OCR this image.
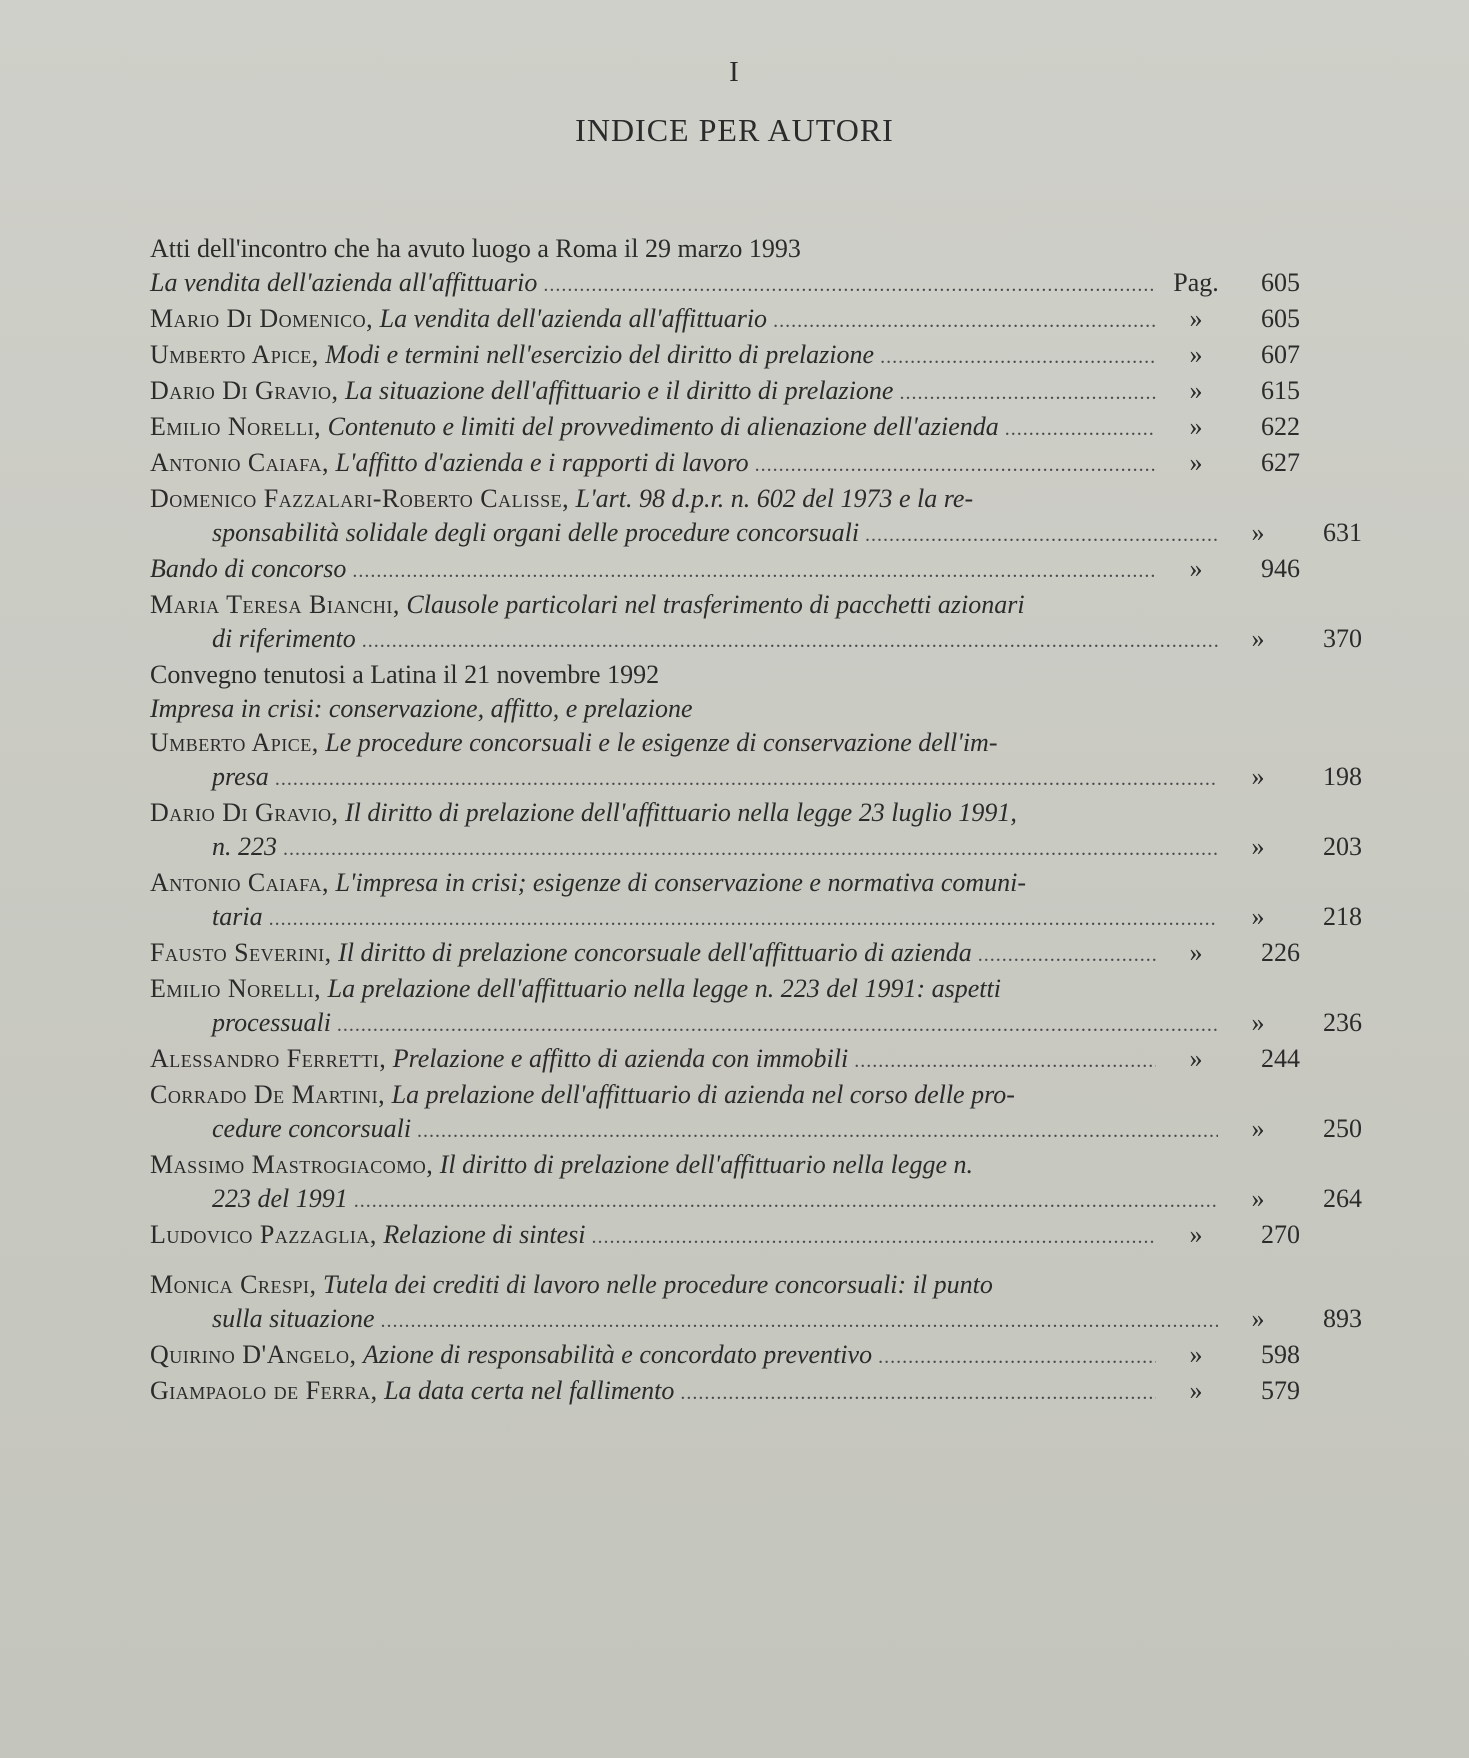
I
INDICE PER AUTORI
Atti dell'incontro che ha avuto luogo a Roma il 29 marzo 1993
La vendita dell'azienda all'affittuario .....	Pag.	605
Mario Di Domenico, La vendita dell'azienda all'affittuario .....	»	605
Umberto Apice, Modi e termini nell'esercizio del diritto di prelazione .....	»	607
Dario Di Gravio, La situazione dell'affittuario e il diritto di prelazione .....	»	615
Emilio Norelli, Contenuto e limiti del provvedimento di alienazione dell'azienda .....	»	622
Antonio Caiafa, L'affitto d'azienda e i rapporti di lavoro .....	»	627
Domenico Fazzalari-Roberto Calisse, L'art. 98 d.p.r. n. 602 del 1973 e la re-
sponsabilità solidale degli organi delle procedure concorsuali .....	»	631
Bando di concorso .....	»	946
Maria Teresa Bianchi, Clausole particolari nel trasferimento di pacchetti azionari
di riferimento .....	»	370
Convegno tenutosi a Latina il 21 novembre 1992
Impresa in crisi: conservazione, affitto, e prelazione
Umberto Apice, Le procedure concorsuali e le esigenze di conservazione dell'im-
presa .....	»	198
Dario Di Gravio, Il diritto di prelazione dell'affittuario nella legge 23 luglio 1991,
n. 223 .....	»	203
Antonio Caiafa, L'impresa in crisi; esigenze di conservazione e normativa comuni-
taria .....	»	218
Fausto Severini, Il diritto di prelazione concorsuale dell'affittuario di azienda .....	»	226
Emilio Norelli, La prelazione dell'affittuario nella legge n. 223 del 1991: aspetti
processuali .....	»	236
Alessandro Ferretti, Prelazione e affitto di azienda con immobili .....	»	244
Corrado De Martini, La prelazione dell'affittuario di azienda nel corso delle pro-
cedure concorsuali .....	»	250
Massimo Mastrogiacomo, Il diritto di prelazione dell'affittuario nella legge n.
223 del 1991 .....	»	264
Ludovico Pazzaglia, Relazione di sintesi .....	»	270
Monica Crespi, Tutela dei crediti di lavoro nelle procedure concorsuali: il punto
sulla situazione .....	»	893
Quirino D'Angelo, Azione di responsabilità e concordato preventivo .....	»	598
Giampaolo de Ferra, La data certa nel fallimento .....	»	579
